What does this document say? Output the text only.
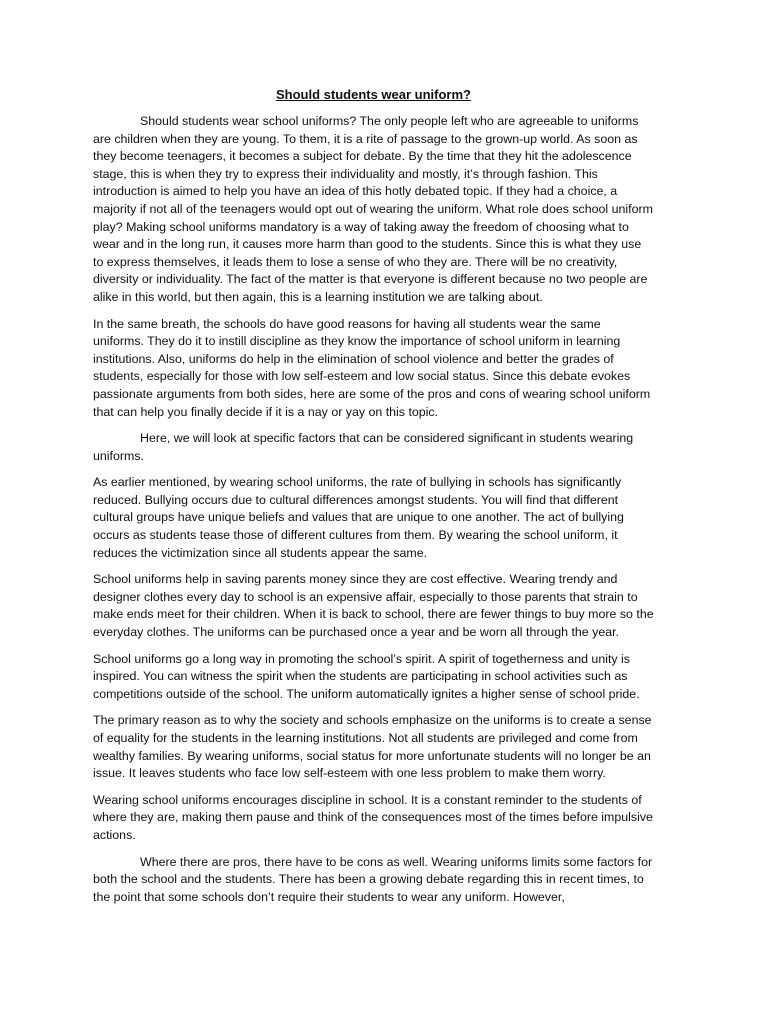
Should students wear uniform?

Should students wear school uniforms? The only people left who are agreeable to uniforms are children when they are young. To them, it is a rite of passage to the grown-up world. As soon as they become teenagers, it becomes a subject for debate. By the time that they hit the adolescence stage, this is when they try to express their individuality and mostly, it’s through fashion. This introduction is aimed to help you have an idea of this hotly debated topic. If they had a choice, a majority if not all of the teenagers would opt out of wearing the uniform. What role does school uniform play? Making school uniforms mandatory is a way of taking away the freedom of choosing what to wear and in the long run, it causes more harm than good to the students. Since this is what they use to express themselves, it leads them to lose a sense of who they are. There will be no creativity, diversity or individuality. The fact of the matter is that everyone is different because no two people are alike in this world, but then again, this is a learning institution we are talking about.

In the same breath, the schools do have good reasons for having all students wear the same uniforms. They do it to instill discipline as they know the importance of school uniform in learning institutions. Also, uniforms do help in the elimination of school violence and better the grades of students, especially for those with low self-esteem and low social status. Since this debate evokes passionate arguments from both sides, here are some of the pros and cons of wearing school uniform that can help you finally decide if it is a nay or yay on this topic.

Here, we will look at specific factors that can be considered significant in students wearing uniforms.

As earlier mentioned, by wearing school uniforms, the rate of bullying in schools has significantly reduced. Bullying occurs due to cultural differences amongst students. You will find that different cultural groups have unique beliefs and values that are unique to one another. The act of bullying occurs as students tease those of different cultures from them. By wearing the school uniform, it reduces the victimization since all students appear the same.

School uniforms help in saving parents money since they are cost effective. Wearing trendy and designer clothes every day to school is an expensive affair, especially to those parents that strain to make ends meet for their children. When it is back to school, there are fewer things to buy more so the everyday clothes. The uniforms can be purchased once a year and be worn all through the year.

School uniforms go a long way in promoting the school’s spirit. A spirit of togetherness and unity is inspired. You can witness the spirit when the students are participating in school activities such as competitions outside of the school. The uniform automatically ignites a higher sense of school pride.

The primary reason as to why the society and schools emphasize on the uniforms is to create a sense of equality for the students in the learning institutions. Not all students are privileged and come from wealthy families. By wearing uniforms, social status for more unfortunate students will no longer be an issue. It leaves students who face low self-esteem with one less problem to make them worry.

Wearing school uniforms encourages discipline in school. It is a constant reminder to the students of where they are, making them pause and think of the consequences most of the times before impulsive actions.

Where there are pros, there have to be cons as well. Wearing uniforms limits some factors for both the school and the students. There has been a growing debate regarding this in recent times, to the point that some schools don’t require their students to wear any uniform. However,
